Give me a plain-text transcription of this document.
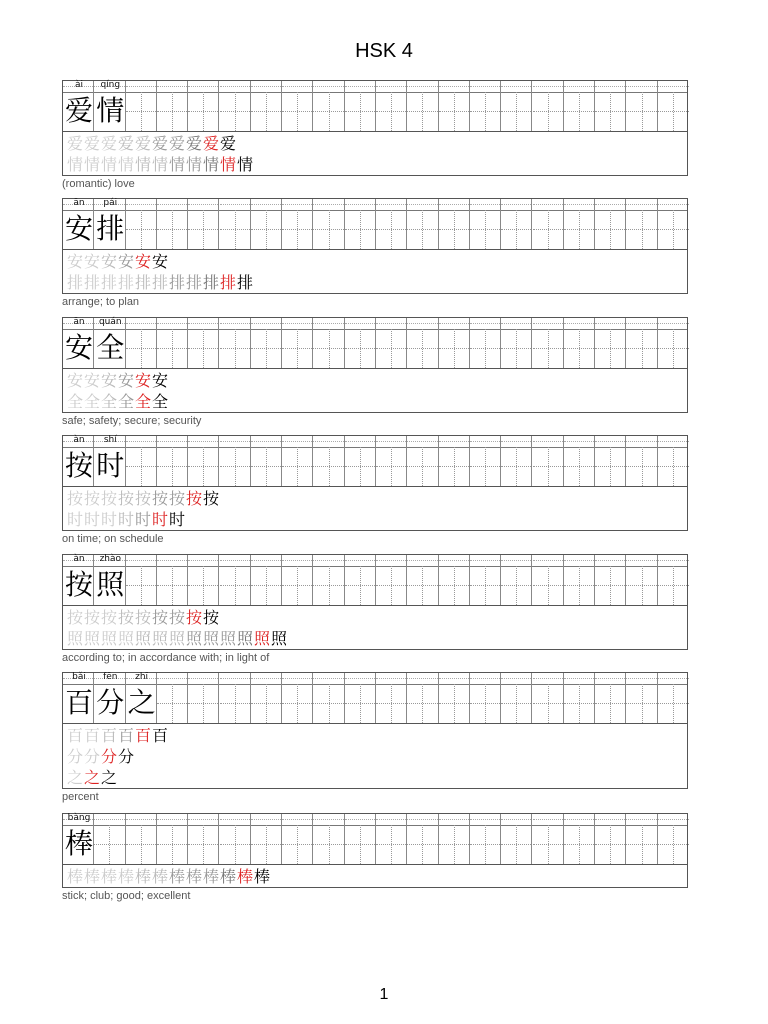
HSK 4
ài	qíng
爱 情
爱 爱 爱 爱 爱 爱 爱 爱 爱 爱
情 情 情 情 情 情 情 情 情 情 情
(romantic) love
ān	pái
安 排
安 安 安 安 安 安
排 排 排 排 排 排 排 排 排 排 排
arrange; to plan
ān	quán
安 全
安 安 安 安 安 安
全 全 全 全 全 全
safe; safety; secure; security
àn	shí
按 时
按 按 按 按 按 按 按 按 按
时 时 时 时 时 时 时
on time; on schedule
àn	zhào
按 照
按 按 按 按 按 按 按 按 按
照 照 照 照 照 照 照 照 照 照 照 照 照
according to; in accordance with; in light of
bǎi	fēn	zhī
百 分 之
百 百 百 百 百 百
分 分 分 分
之 之 之
percent
bàng
棒
棒 棒 棒 棒 棒 棒 棒 棒 棒 棒 棒 棒
stick; club; good; excellent
1
